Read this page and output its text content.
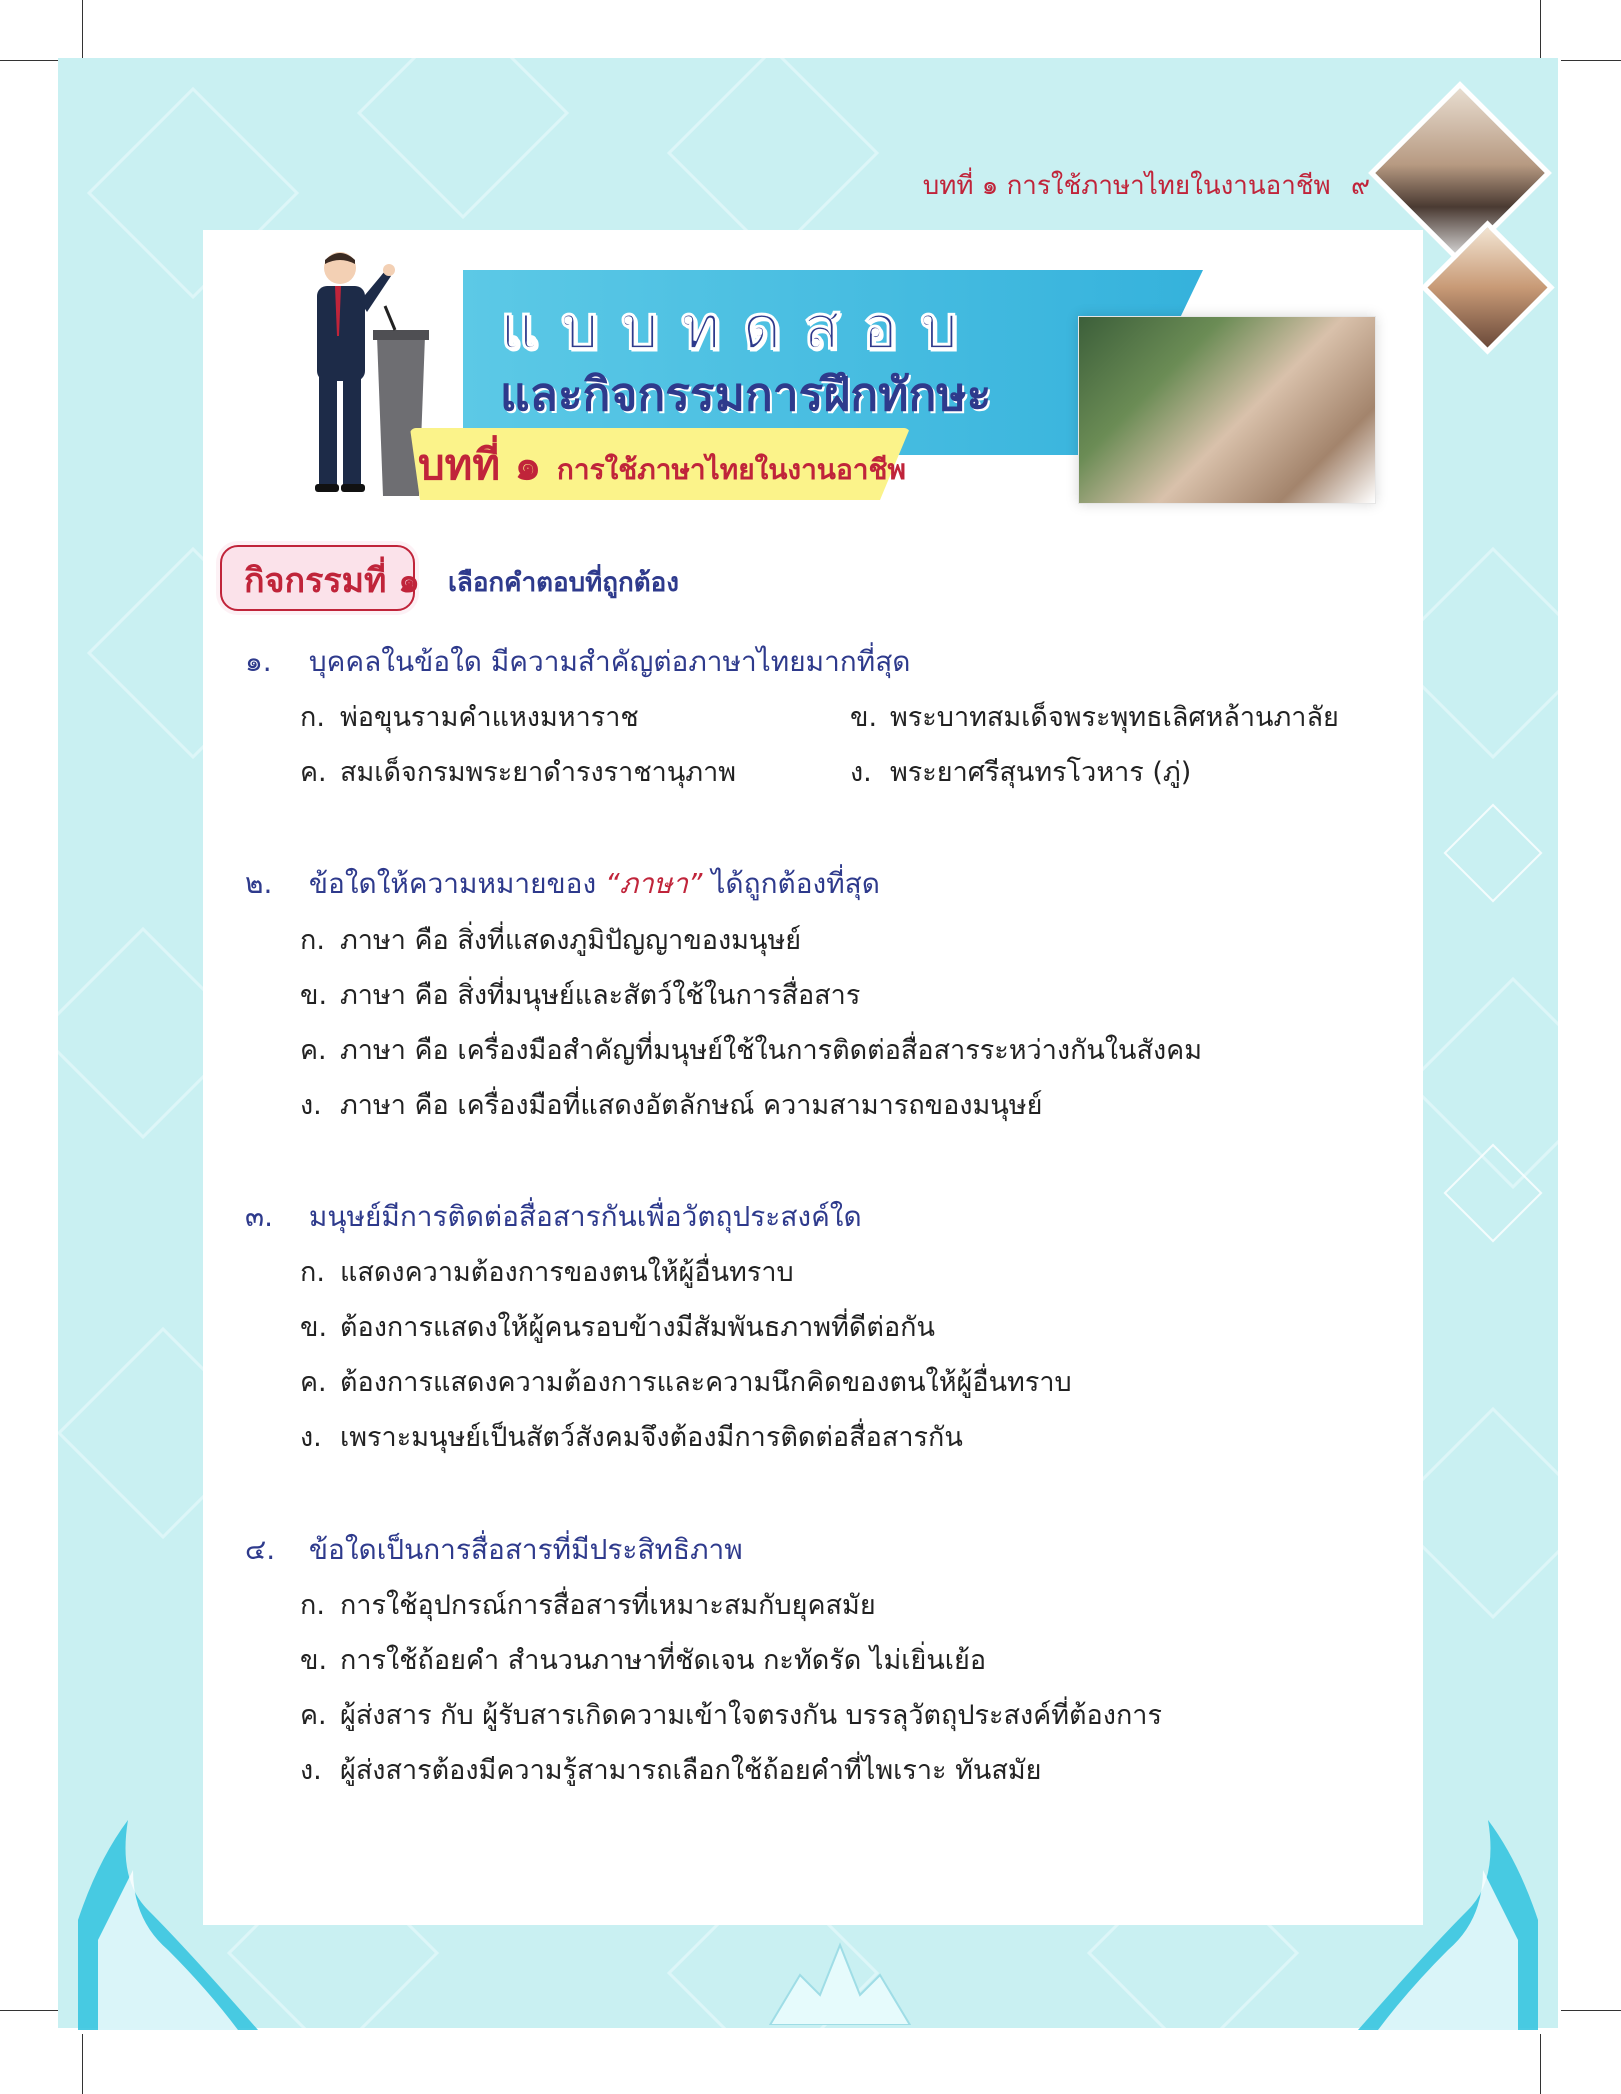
บทที่ ๑ การใช้ภาษาไทยในงานอาชีพ ๙
แบบทดสอบ
และกิจกรรมการฝึกทักษะ
บทที่ ๑ การใช้ภาษาไทยในงานอาชีพ
กิจกรรมที่ ๑ เลือกคำตอบที่ถูกต้อง
๑. บุคคลในข้อใด มีความสำคัญต่อภาษาไทยมากที่สุด
ก. พ่อขุนรามคำแหงมหาราช	ข. พระบาทสมเด็จพระพุทธเลิศหล้านภาลัย
ค. สมเด็จกรมพระยาดำรงราชานุภาพ	ง. พระยาศรีสุนทรโวหาร (ภู่)
๒. ข้อใดให้ความหมายของ “ภาษา” ได้ถูกต้องที่สุด
ก. ภาษา คือ สิ่งที่แสดงภูมิปัญญาของมนุษย์
ข. ภาษา คือ สิ่งที่มนุษย์และสัตว์ใช้ในการสื่อสาร
ค. ภาษา คือ เครื่องมือสำคัญที่มนุษย์ใช้ในการติดต่อสื่อสารระหว่างกันในสังคม
ง. ภาษา คือ เครื่องมือที่แสดงอัตลักษณ์ ความสามารถของมนุษย์
๓. มนุษย์มีการติดต่อสื่อสารกันเพื่อวัตถุประสงค์ใด
ก. แสดงความต้องการของตนให้ผู้อื่นทราบ
ข. ต้องการแสดงให้ผู้คนรอบข้างมีสัมพันธภาพที่ดีต่อกัน
ค. ต้องการแสดงความต้องการและความนึกคิดของตนให้ผู้อื่นทราบ
ง. เพราะมนุษย์เป็นสัตว์สังคมจึงต้องมีการติดต่อสื่อสารกัน
๔. ข้อใดเป็นการสื่อสารที่มีประสิทธิภาพ
ก. การใช้อุปกรณ์การสื่อสารที่เหมาะสมกับยุคสมัย
ข. การใช้ถ้อยคำ สำนวนภาษาที่ชัดเจน กะทัดรัด ไม่เยิ่นเย้อ
ค. ผู้ส่งสาร กับ ผู้รับสารเกิดความเข้าใจตรงกัน บรรลุวัตถุประสงค์ที่ต้องการ
ง. ผู้ส่งสารต้องมีความรู้สามารถเลือกใช้ถ้อยคำที่ไพเราะ ทันสมัย
